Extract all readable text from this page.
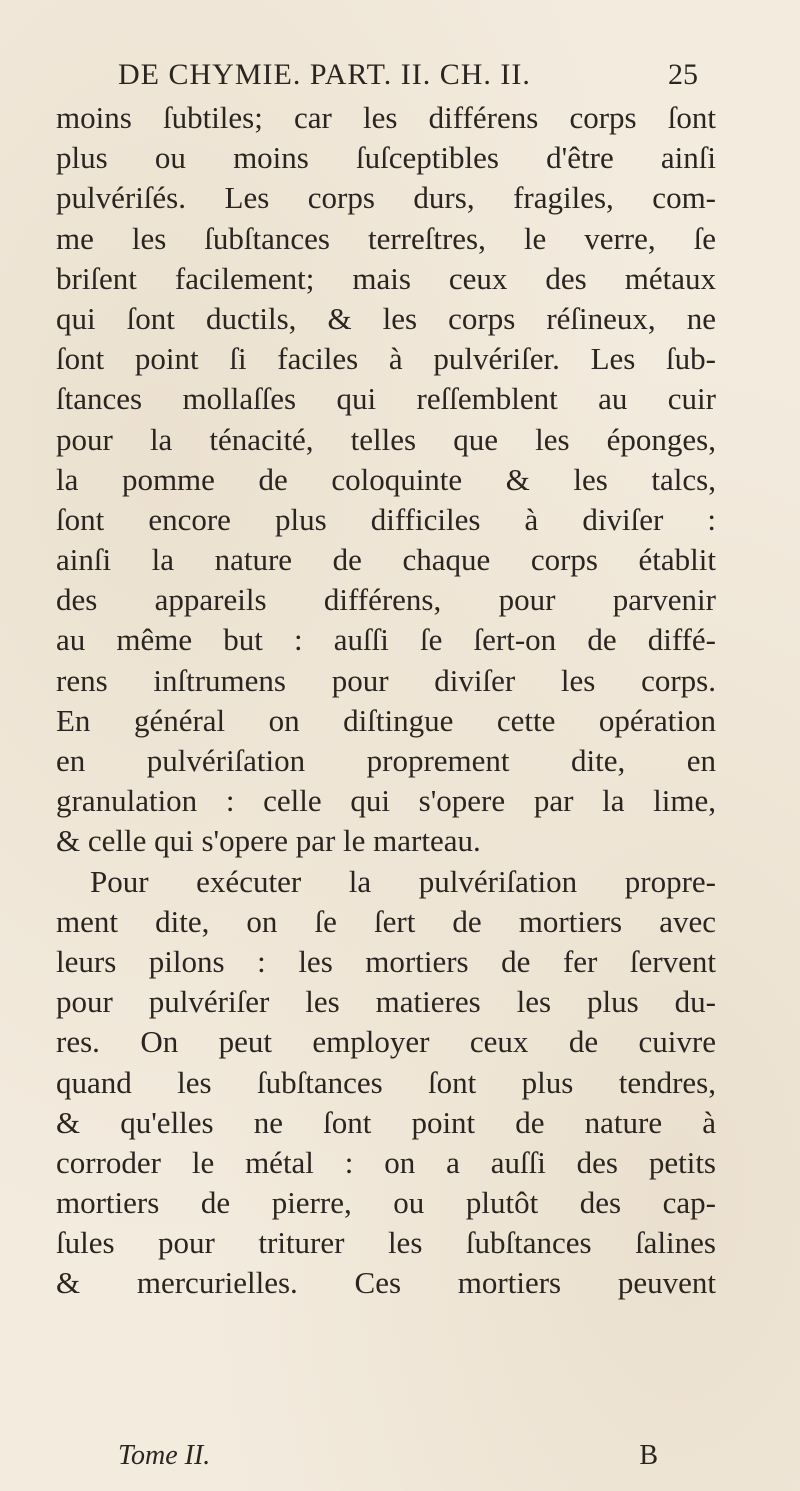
DE CHYMIE. PART. II. CH. II.	25
moins ſubtiles; car les différens corps ſont
plus ou moins ſuſceptibles d'être ainſi
pulvériſés. Les corps durs, fragiles, com-
me les ſubſtances terreſtres, le verre, ſe
briſent facilement; mais ceux des métaux
qui ſont ductils, & les corps réſineux, ne
ſont point ſi faciles à pulvériſer. Les ſub-
ſtances mollaſſes qui reſſemblent au cuir
pour la ténacité, telles que les éponges,
la pomme de coloquinte & les talcs,
ſont encore plus difficiles à diviſer :
ainſi la nature de chaque corps établit
des appareils différens, pour parvenir
au même but : auſſi ſe ſert-on de diffé-
rens inſtrumens pour diviſer les corps.
En général on diſtingue cette opération
en pulvériſation proprement dite, en
granulation : celle qui s'opere par la lime,
& celle qui s'opere par le marteau.
Pour exécuter la pulvériſation propre-
ment dite, on ſe ſert de mortiers avec
leurs pilons : les mortiers de fer ſervent
pour pulvériſer les matieres les plus du-
res. On peut employer ceux de cuivre
quand les ſubſtances ſont plus tendres,
& qu'elles ne ſont point de nature à
corroder le métal : on a auſſi des petits
mortiers de pierre, ou plutôt des cap-
ſules pour triturer les ſubſtances ſalines
& mercurielles. Ces mortiers peuvent
Tome II.	B
